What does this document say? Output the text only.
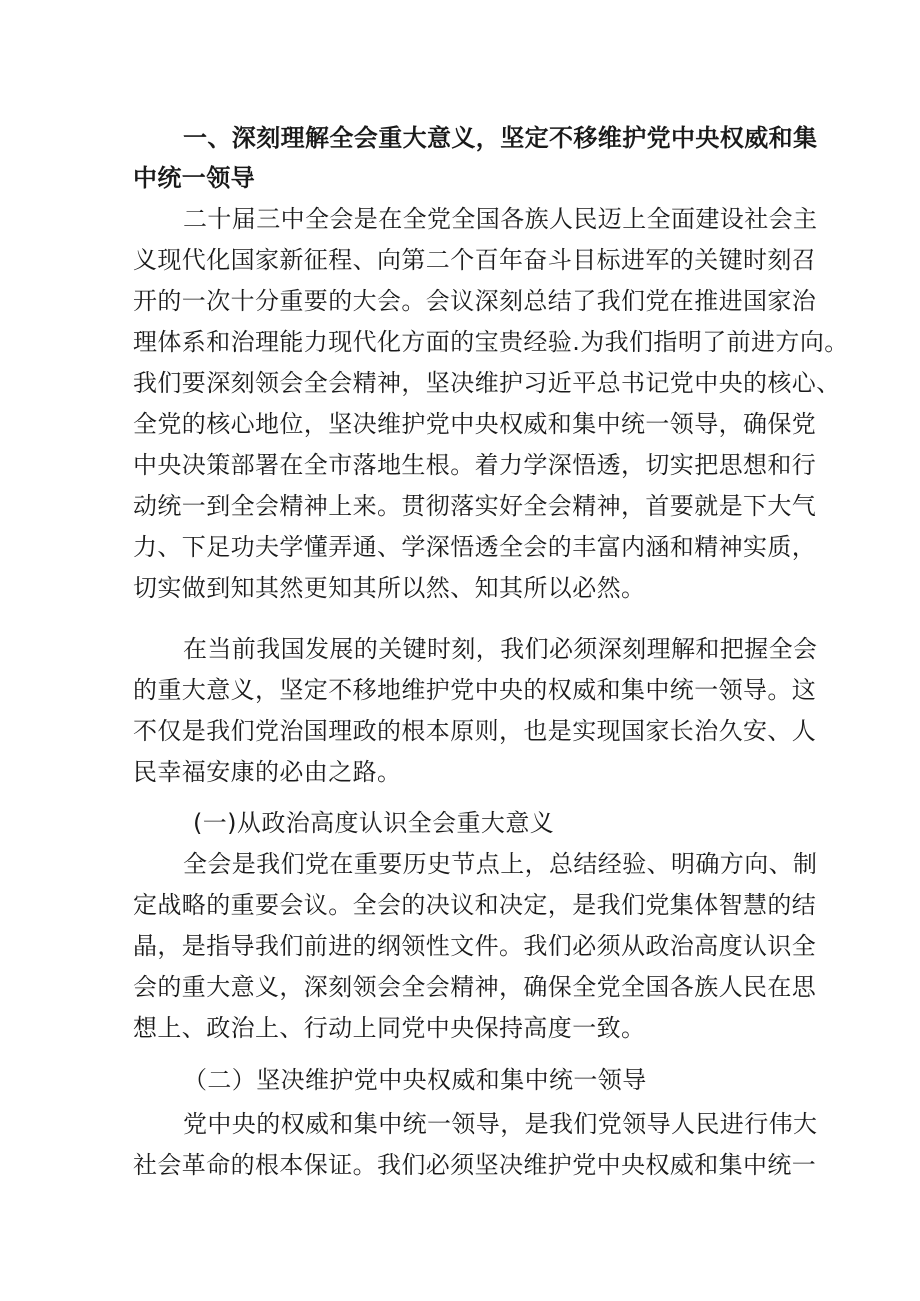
一、深刻理解全会重大意义，坚定不移维护党中央权威和集
中统一领导
二十届三中全会是在全党全国各族人民迈上全面建设社会主
义现代化国家新征程、向第二个百年奋斗目标进军的关键时刻召
开的一次十分重要的大会。会议深刻总结了我们党在推进国家治
理体系和治理能力现代化方面的宝贵经验.为我们指明了前进方向。
我们要深刻领会全会精神，坚决维护习近平总书记党中央的核心、
全党的核心地位，坚决维护党中央权威和集中统一领导，确保党
中央决策部署在全市落地生根。着力学深悟透，切实把思想和行
动统一到全会精神上来。贯彻落实好全会精神，首要就是下大气
力、下足功夫学懂弄通、学深悟透全会的丰富内涵和精神实质，
切实做到知其然更知其所以然、知其所以必然。
在当前我国发展的关键时刻，我们必须深刻理解和把握全会
的重大意义，坚定不移地维护党中央的权威和集中统一领导。这
不仅是我们党治国理政的根本原则，也是实现国家长治久安、人
民幸福安康的必由之路。
(一)从政治高度认识全会重大意义
全会是我们党在重要历史节点上，总结经验、明确方向、制
定战略的重要会议。全会的决议和决定，是我们党集体智慧的结
晶，是指导我们前进的纲领性文件。我们必须从政治高度认识全
会的重大意义，深刻领会全会精神，确保全党全国各族人民在思
想上、政治上、行动上同党中央保持高度一致。
（二）坚决维护党中央权威和集中统一领导
党中央的权威和集中统一领导，是我们党领导人民进行伟大
社会革命的根本保证。我们必须坚决维护党中央权威和集中统一
